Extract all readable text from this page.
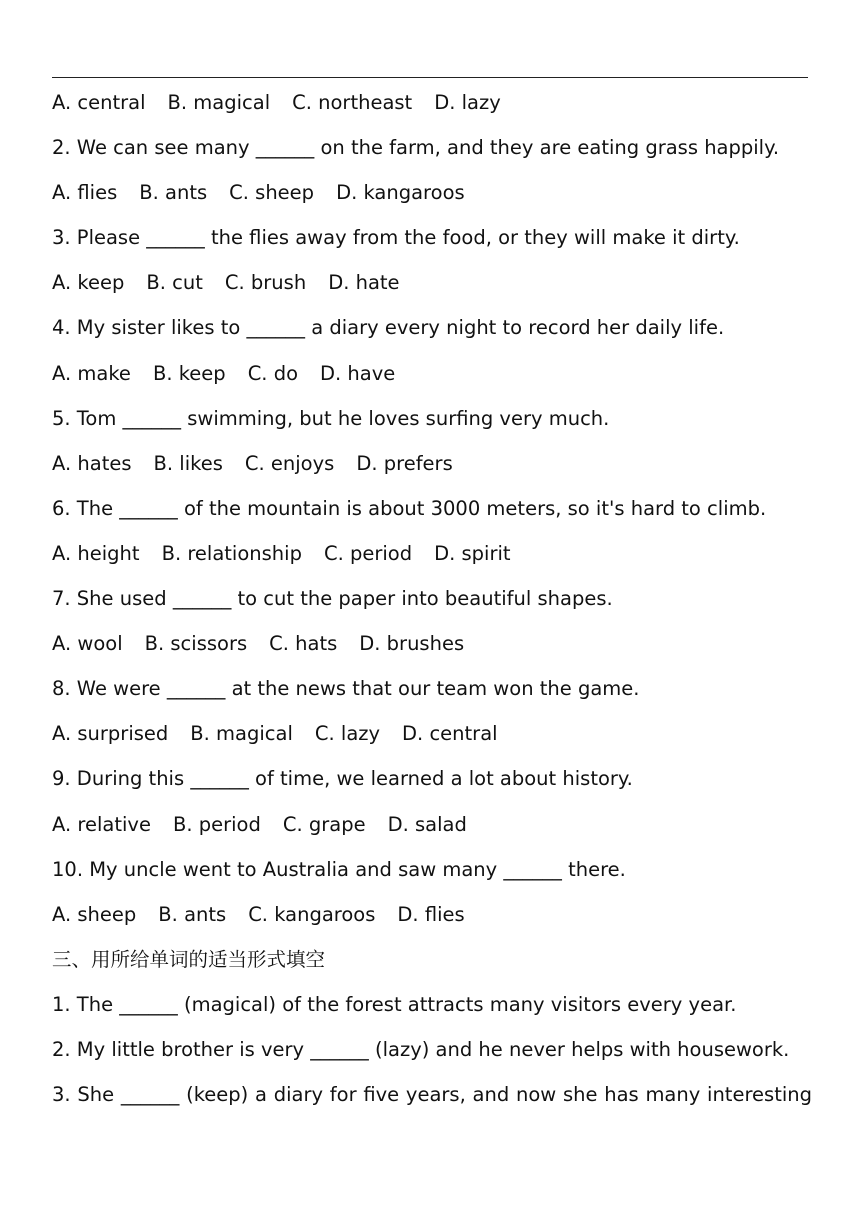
A. central B. magical C. northeast D. lazy
2. We can see many ______ on the farm, and they are eating grass happily.
A. flies B. ants C. sheep D. kangaroos
3. Please ______ the flies away from the food, or they will make it dirty.
A. keep B. cut C. brush D. hate
4. My sister likes to ______ a diary every night to record her daily life.
A. make B. keep C. do D. have
5. Tom ______ swimming, but he loves surfing very much.
A. hates B. likes C. enjoys D. prefers
6. The ______ of the mountain is about 3000 meters, so it's hard to climb.
A. height B. relationship C. period D. spirit
7. She used ______ to cut the paper into beautiful shapes.
A. wool B. scissors C. hats D. brushes
8. We were ______ at the news that our team won the game.
A. surprised B. magical C. lazy D. central
9. During this ______ of time, we learned a lot about history.
A. relative B. period C. grape D. salad
10. My uncle went to Australia and saw many ______ there.
A. sheep B. ants C. kangaroos D. flies
三、用所给单词的适当形式填空
1. The ______ (magical) of the forest attracts many visitors every year.
2. My little brother is very ______ (lazy) and he never helps with housework.
3. She ______ (keep) a diary for five years, and now she has many interesting
